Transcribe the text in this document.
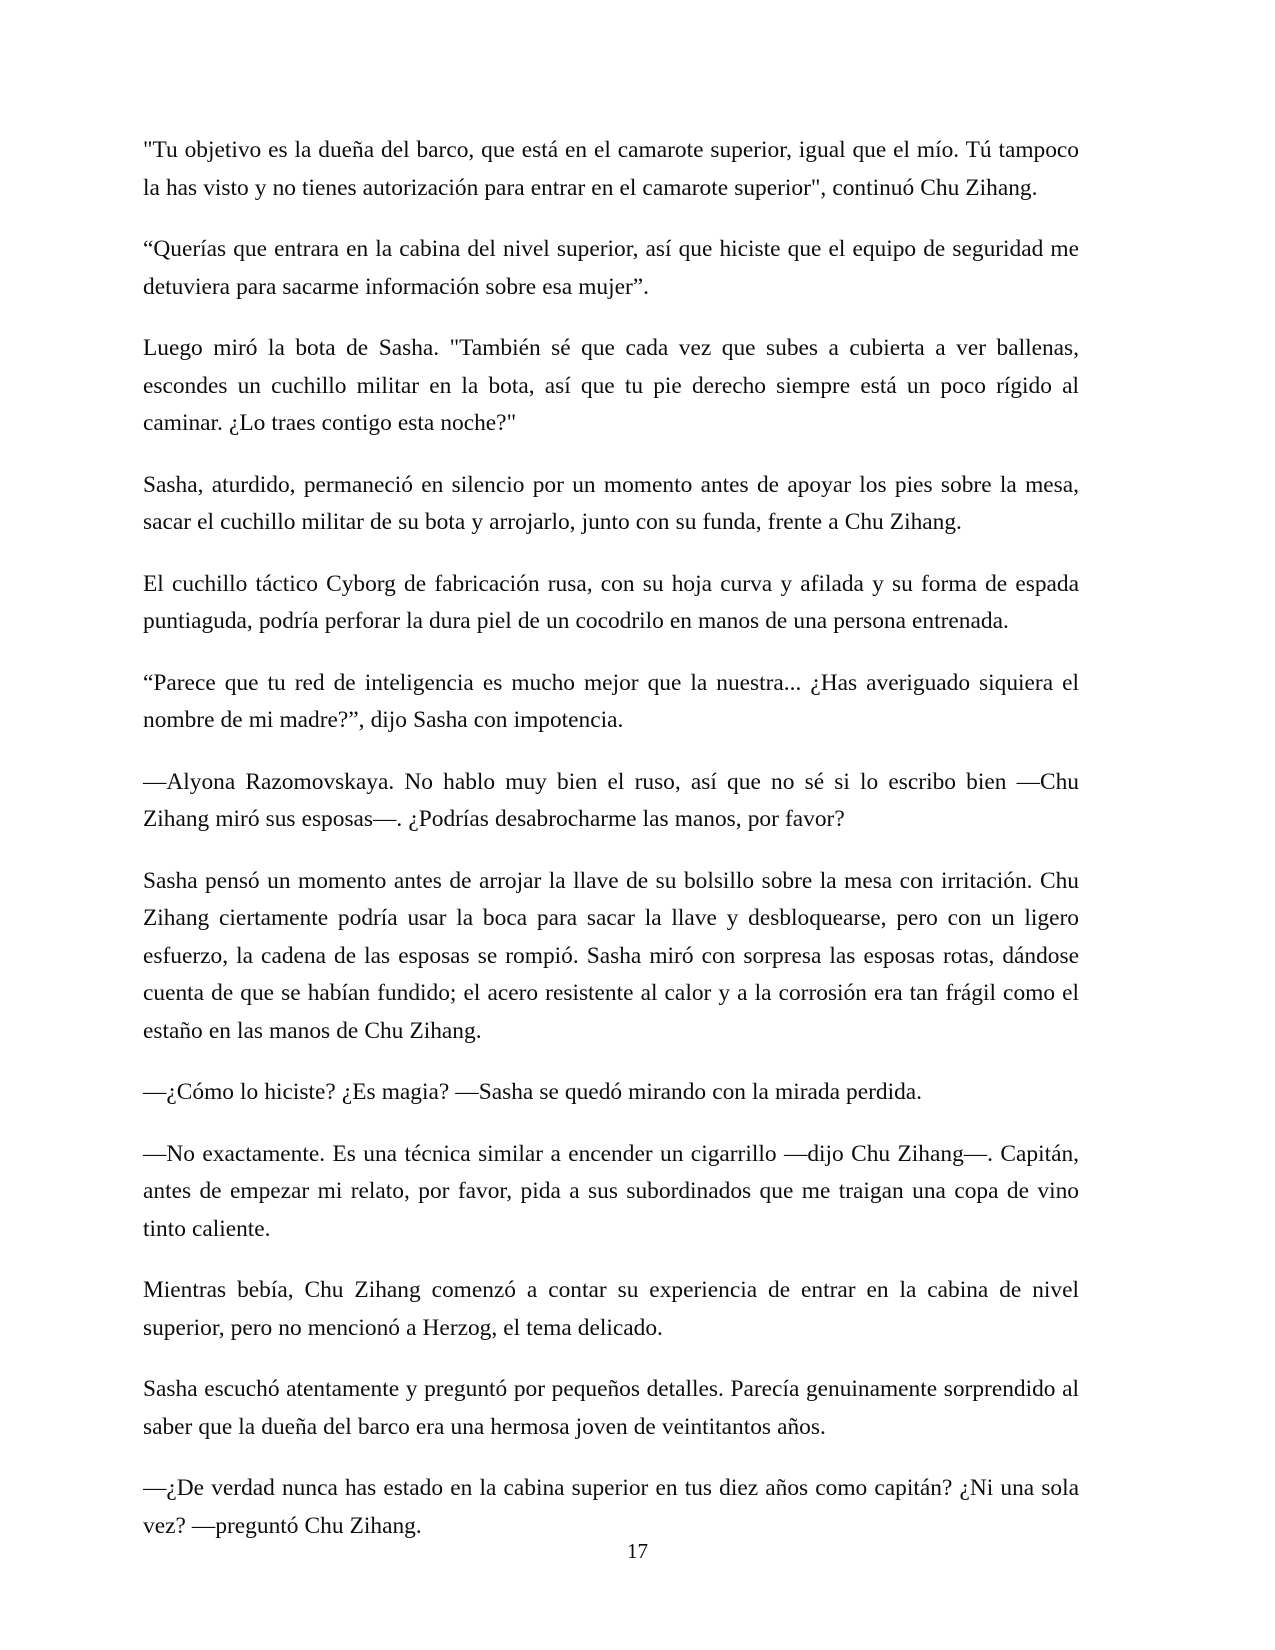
"Tu objetivo es la dueña del barco, que está en el camarote superior, igual que el mío. Tú tampoco la has visto y no tienes autorización para entrar en el camarote superior", continuó Chu Zihang.

“Querías que entrara en la cabina del nivel superior, así que hiciste que el equipo de seguridad me detuviera para sacarme información sobre esa mujer”.

Luego miró la bota de Sasha. "También sé que cada vez que subes a cubierta a ver ballenas, escondes un cuchillo militar en la bota, así que tu pie derecho siempre está un poco rígido al caminar. ¿Lo traes contigo esta noche?"

Sasha, aturdido, permaneció en silencio por un momento antes de apoyar los pies sobre la mesa, sacar el cuchillo militar de su bota y arrojarlo, junto con su funda, frente a Chu Zihang.

El cuchillo táctico Cyborg de fabricación rusa, con su hoja curva y afilada y su forma de espada puntiaguda, podría perforar la dura piel de un cocodrilo en manos de una persona entrenada.

“Parece que tu red de inteligencia es mucho mejor que la nuestra... ¿Has averiguado siquiera el nombre de mi madre?”, dijo Sasha con impotencia.

—Alyona Razomovskaya. No hablo muy bien el ruso, así que no sé si lo escribo bien —Chu Zihang miró sus esposas—. ¿Podrías desabrocharme las manos, por favor?

Sasha pensó un momento antes de arrojar la llave de su bolsillo sobre la mesa con irritación. Chu Zihang ciertamente podría usar la boca para sacar la llave y desbloquearse, pero con un ligero esfuerzo, la cadena de las esposas se rompió. Sasha miró con sorpresa las esposas rotas, dándose cuenta de que se habían fundido; el acero resistente al calor y a la corrosión era tan frágil como el estaño en las manos de Chu Zihang.

—¿Cómo lo hiciste? ¿Es magia? —Sasha se quedó mirando con la mirada perdida.

—No exactamente. Es una técnica similar a encender un cigarrillo —dijo Chu Zihang—. Capitán, antes de empezar mi relato, por favor, pida a sus subordinados que me traigan una copa de vino tinto caliente.

Mientras bebía, Chu Zihang comenzó a contar su experiencia de entrar en la cabina de nivel superior, pero no mencionó a Herzog, el tema delicado.

Sasha escuchó atentamente y preguntó por pequeños detalles. Parecía genuinamente sorprendido al saber que la dueña del barco era una hermosa joven de veintitantos años.

—¿De verdad nunca has estado en la cabina superior en tus diez años como capitán? ¿Ni una sola vez? —preguntó Chu Zihang.

17
